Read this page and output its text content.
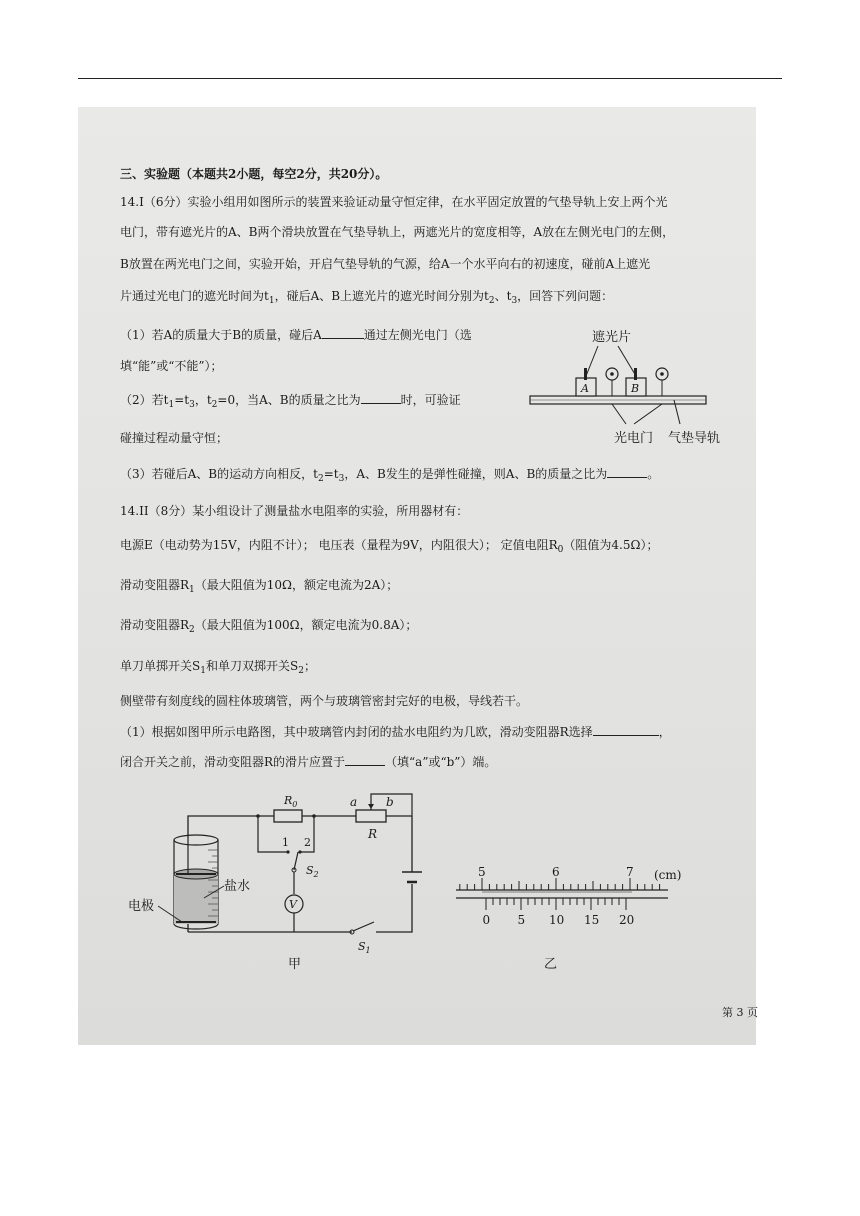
三、实验题（本题共2小题，每空2分，共20分）。
14.I（6分）实验小组用如图所示的装置来验证动量守恒定律，在水平固定放置的气垫导轨上安上两个光
电门，带有遮光片的A、B两个滑块放置在气垫导轨上，两遮光片的宽度相等，A放在左侧光电门的左侧，
B放置在两光电门之间，实验开始，开启气垫导轨的气源，给A一个水平向右的初速度，碰前A上遮光
片通过光电门的遮光时间为$t_1$，碰后A、B上遮光片的遮光时间分别为$t_2$、$t_3$，回答下列问题：
（1）若A的质量大于B的质量，碰后A	通过左侧光电门（选
填“能”或“不能”）；
（2）若$t_1=t_3$，$t_2=0$，当A、B的质量之比为	时，可验证
碰撞过程动量守恒；
（3）若碰后A、B的运动方向相反，$t_2=t_3$，A、B发生的是弹性碰撞，则A、B的质量之比为	。
遮光片
A	B
光电门 气垫导轨
14.II（8分）某小组设计了测量盐水电阻率的实验，所用器材有：
电源E（电动势为15V，内阻不计）； 电压表（量程为9V，内阻很大）； 定值电阻$R_0$（阻值为4.5Ω）；
滑动变阻器$R_1$（最大阻值为10Ω，额定电流为2A）；
滑动变阻器$R_2$（最大阻值为100Ω，额定电流为0.8A）；
单刀单掷开关$S_1$和单刀双掷开关$S_2$；
侧壁带有刻度线的圆柱体玻璃管，两个与玻璃管密封完好的电极，导线若干。
（1）根据如图甲所示电路图，其中玻璃管内封闭的盐水电阻约为几欧，滑动变阻器R选择	，
闭合开关之前，滑动变阻器R的滑片应置于	（填“a”或“b”）端。
$R_0$	a b
R
1 2
$S_2$
V
$S_1$
盐水
电极
甲
5	6	7 (cm)
0 5 10 15 20
乙
第 3 页
